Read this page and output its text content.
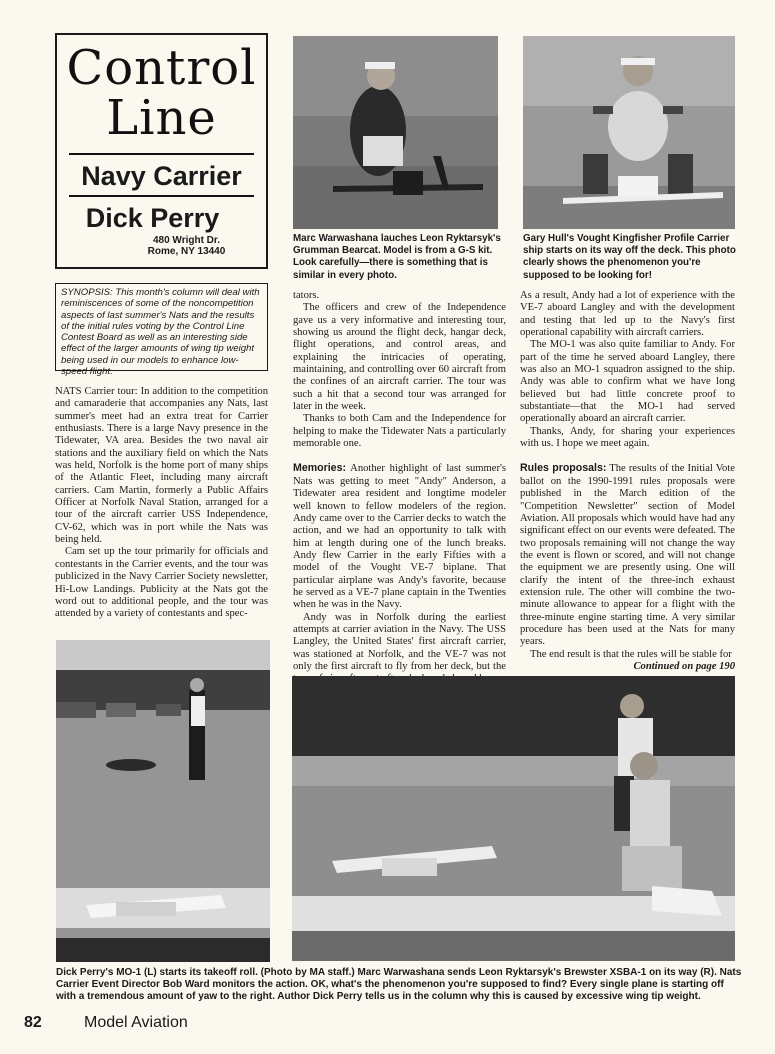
Control
Line
Navy Carrier
Dick Perry
480 Wright Dr.
Rome, NY 13440
SYNOPSIS: This month's column will deal with reminiscences of some of the noncompetition aspects of last summer's Nats and the results of the initial rules voting by the Control Line Contest Board as well as an interesting side effect of the larger amounts of wing tip weight being used in our models to enhance low-speed flight.

NATS Carrier tour: In addition to the competition and camaraderie that accompanies any Nats, last summer's meet had an extra treat for Carrier enthusiasts. There is a large Navy presence in the Tidewater, VA area. Besides the two naval air stations and the auxiliary field on which the Nats was held, Norfolk is the home port of many ships of the Atlantic Fleet, including many aircraft carriers. Cam Martin, formerly a Public Affairs Officer at Norfolk Naval Station, arranged for a tour of the aircraft carrier USS Independence, CV-62, which was in port while the Nats was being held.

Cam set up the tour primarily for officials and contestants in the Carrier events, and the tour was publicized in the Navy Carrier Society newsletter, Hi-Low Landings. Publicity at the Nats got the word out to additional people, and the tour was attended by a variety of contestants and spec-

Marc Warwashana lauches Leon Ryktarsyk's Grumman Bearcat. Model is from a G-S kit. Look carefully—there is something that is similar in every photo.
Gary Hull's Vought Kingfisher Profile Carrier ship starts on its way off the deck. This photo clearly shows the phenomenon you're supposed to be looking for!

tators.

The officers and crew of the Independence gave us a very informative and interesting tour, showing us around the flight deck, hangar deck, flight operations, and control areas, and explaining the intricacies of operating, maintaining, and controlling over 60 aircraft from the confines of an aircraft carrier. The tour was such a hit that a second tour was arranged for later in the week.

Thanks to both Cam and the Independence for helping to make the Tidewater Nats a particularly memorable one.

Memories: Another highlight of last summer's Nats was getting to meet "Andy" Anderson, a Tidewater area resident and longtime modeler well known to fellow modelers of the region. Andy came over to the Carrier decks to watch the action, and we had an opportunity to talk with him at length during one of the lunch breaks. Andy flew Carrier in the early Fifties with a model of the Vought VE-7 biplane. That particular airplane was Andy's favorite, because he served as a VE-7 plane captain in the Twenties when he was in the Navy.

Andy was in Norfolk during the earliest attempts at carrier aviation in the Navy. The USS Langley, the United States' first aircraft carrier, was stationed at Norfolk, and the VE-7 was not only the first aircraft to fly from her deck, but the

As a result, Andy had a lot of experience with the VE-7 aboard Langley and with the development and testing that led up to the Navy's first operational capability with aircraft carriers.

The MO-1 was also quite familiar to Andy. For part of the time he served aboard Langley, there was also an MO-1 squadron assigned to the ship. Andy was able to confirm what we have long believed but had little concrete proof to substantiate—that the MO-1 had served operationally aboard an aircraft carrier.

Thanks, Andy, for sharing your experiences with us. I hope we meet again.

Rules proposals: The results of the Initial Vote ballot on the 1990-1991 rules proposals were published in the March edition of the "Competition Newsletter" section of Model Aviation. All proposals which would have had any significant effect on our events were defeated. The two proposals remaining will not change the way the event is flown or scored, and will not change the equipment we are presently using. One will clarify the intent of the three-inch exhaust extension rule. The other will combine the two-minute allowance to appear for a flight with the three-minute engine starting time. A very similar procedure has been used at the Nats for many years.

The end result is that the rules will be stable for

Continued on page 190

Dick Perry's MO-1 (L) starts its takeoff roll. (Photo by MA staff.) Marc Warwashana sends Leon Ryktarsyk's Brewster XSBA-1 on its way (R). Nats Carrier Event Director Bob Ward monitors the action. OK, what's the phenomenon you're supposed to find? Every single plane is starting off with a tremendous amount of yaw to the right. Author Dick Perry tells us in the column why this is caused by excessive wing tip weight.
82	Model Aviation
